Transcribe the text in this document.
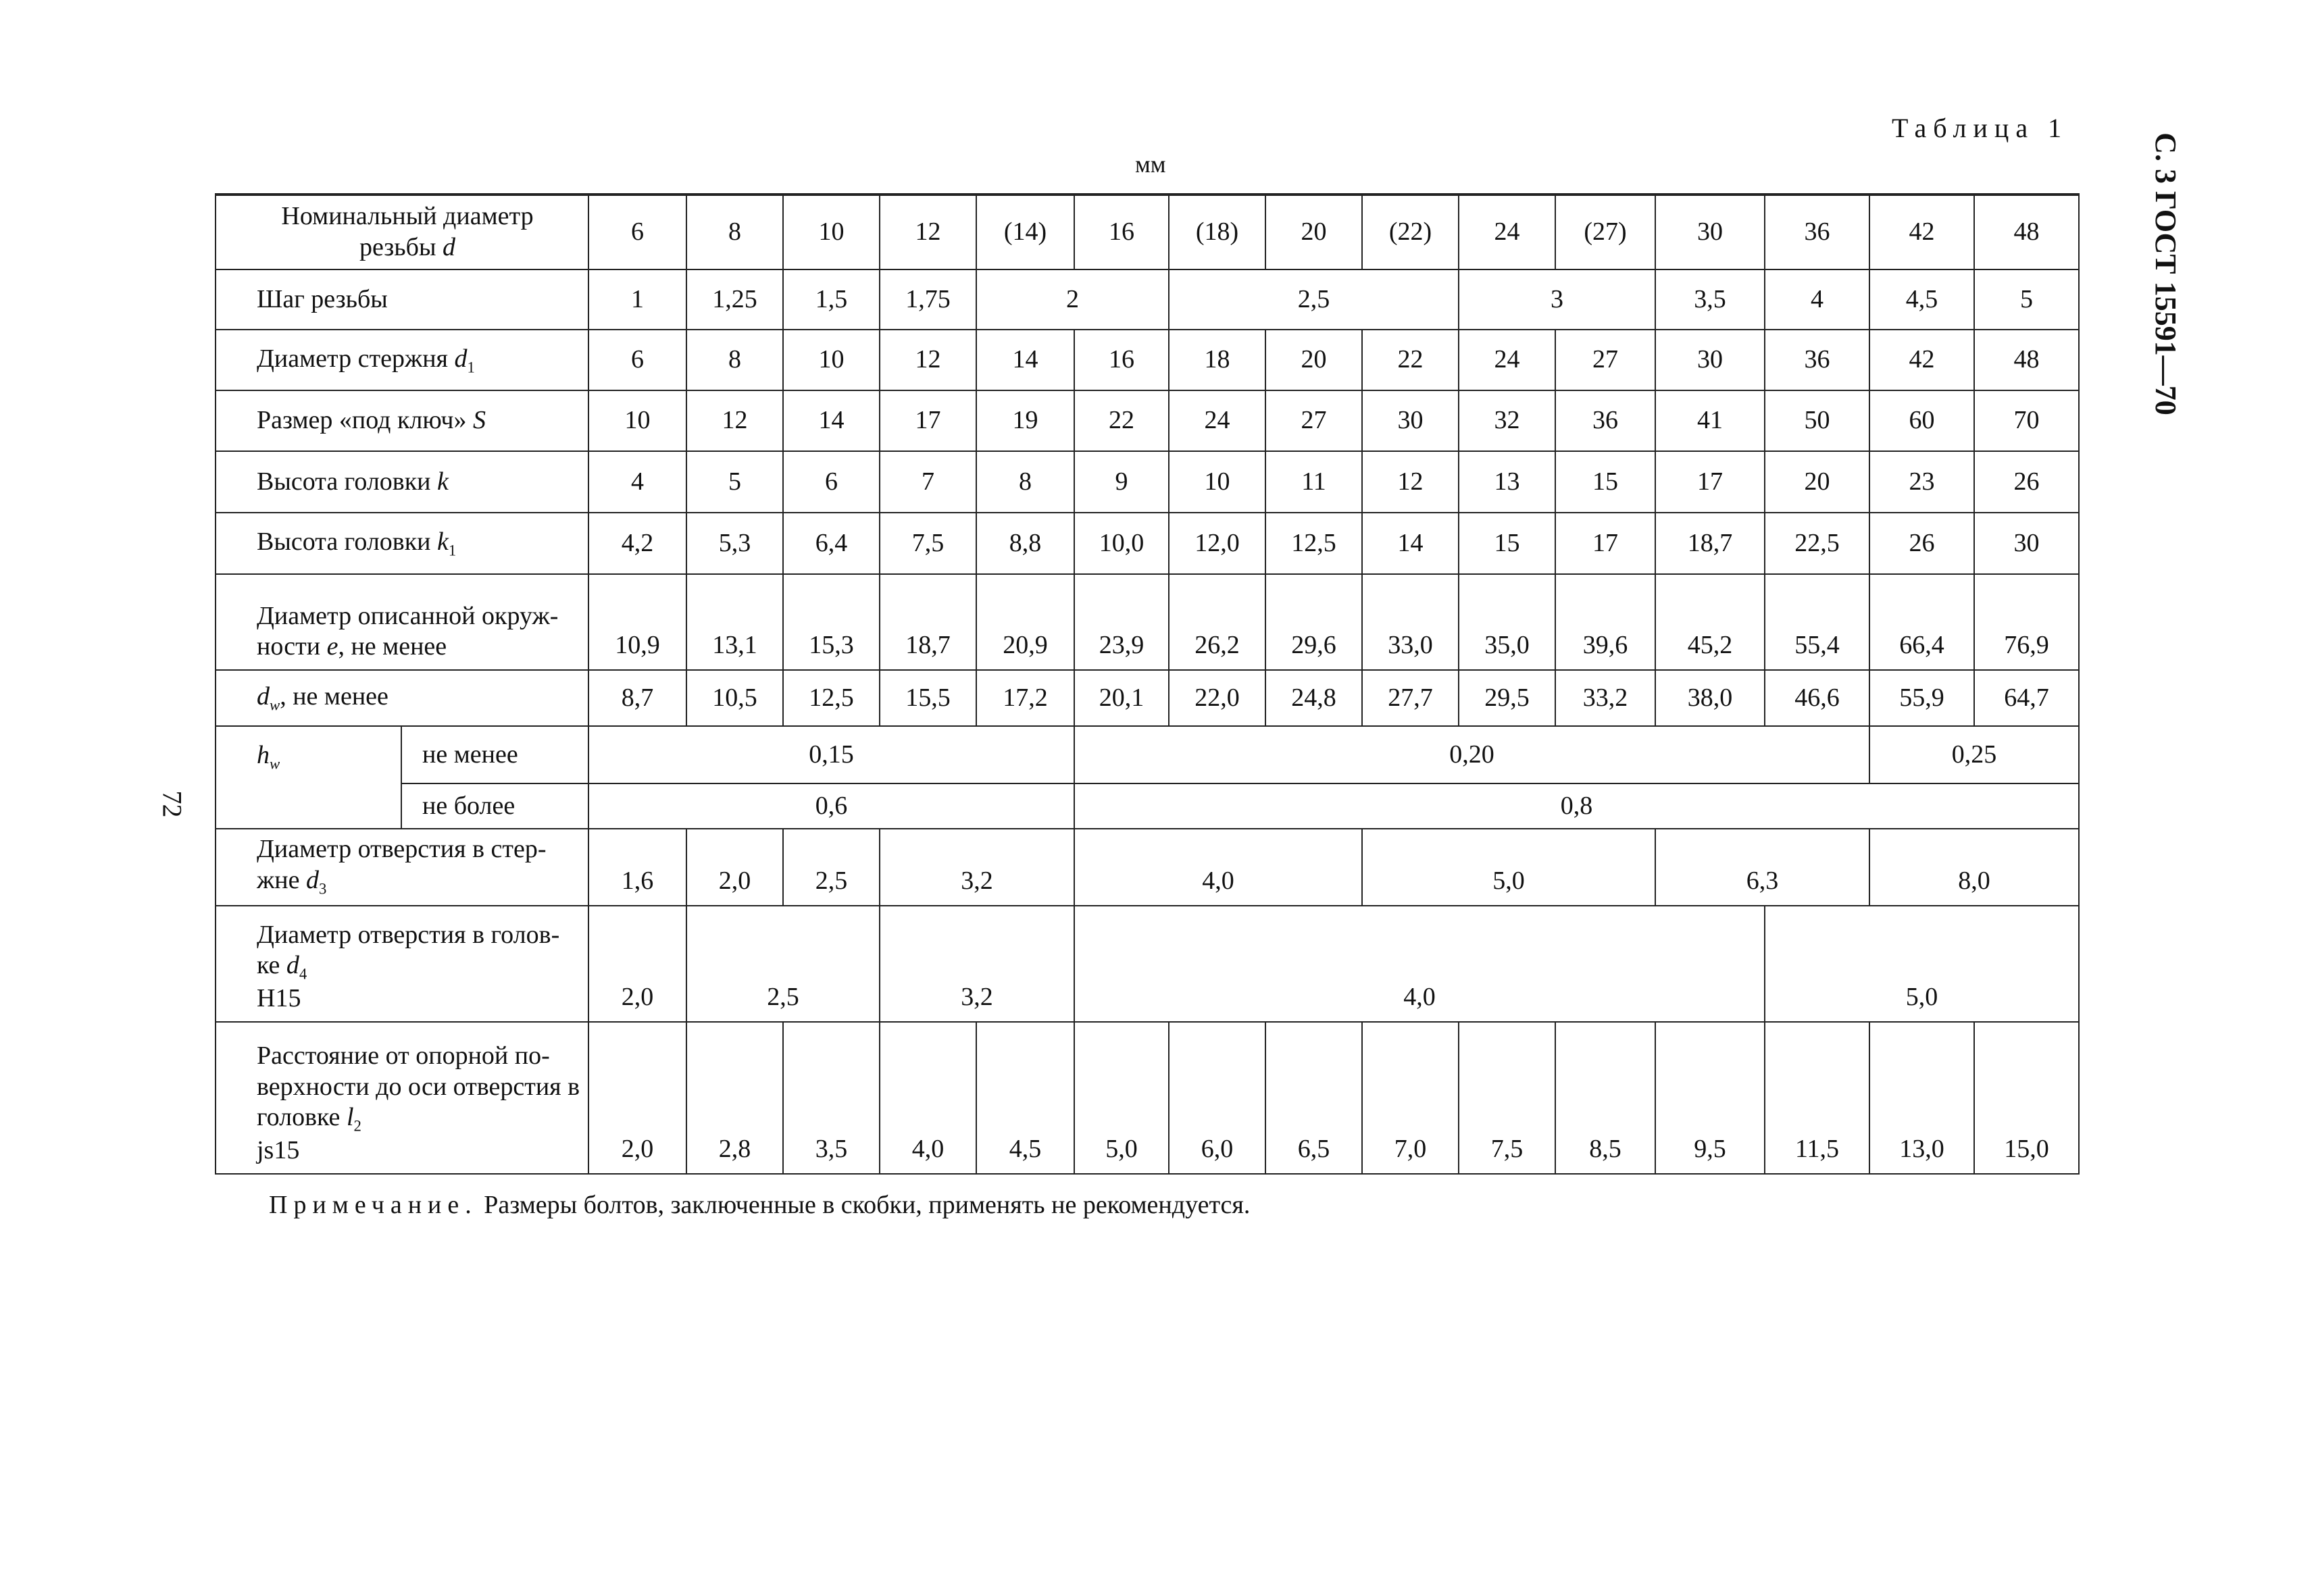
Таблица 1
мм	С. 3 ГОСТ 15591—70
72
Номинальный диаметр
резьбы d		6	8	10	12	(14)	16	(18)	20	(22)	24	(27)	30	36	42	48
Шаг резьбы		1	1,25	1,5	1,75	2		2,5			3		3,5	4	4,5	5
Диаметр стержня $d_1$		6	8	10	12	14	16	18	20	22	24	27	30	36	42	48
Размер «под ключ» S		10	12	14	17	19	22	24	27	30	32	36	41	50	60	70
Высота головки k		4	5	6	7	8	9	10	11	12	13	15	17	20	23	26
Высота головки $k_1$		4,2	5,3	6,4	7,5	8,8	10,0	12,0	12,5	14	15	17	18,7	22,5	26	30
Диаметр описанной окруж-
ности e, не менее		10,9	13,1	15,3	18,7	20,9	23,9	26,2	29,6	33,0	35,0	39,6	45,2	55,4	66,4	76,9
$d_w$, не менее		8,7	10,5	12,5	15,5	17,2	20,1	22,0	24,8	27,7	29,5	33,2	38,0	46,6	55,9	64,7
$h_w$	не менее	0,15					0,20								0,25	
	не более	0,6					0,8									
Диаметр отверстия в стер-
жне $d_3$		1,6	2,0	2,5	3,2		4,0			5,0			6,3		8,0	
Диаметр отверстия в голов-
ке $d_4$
H15		2,0	2,5		3,2		4,0							5,0		
Расстояние от опорной по-
верхности до оси отверстия в
головке $l_2$
js15		2,0	2,8	3,5	4,0	4,5	5,0	6,0	6,5	7,0	7,5	8,5	9,5	11,5	13,0	15,0
Примечание. Размеры болтов, заключенные в скобки, применять не рекомендуется.
